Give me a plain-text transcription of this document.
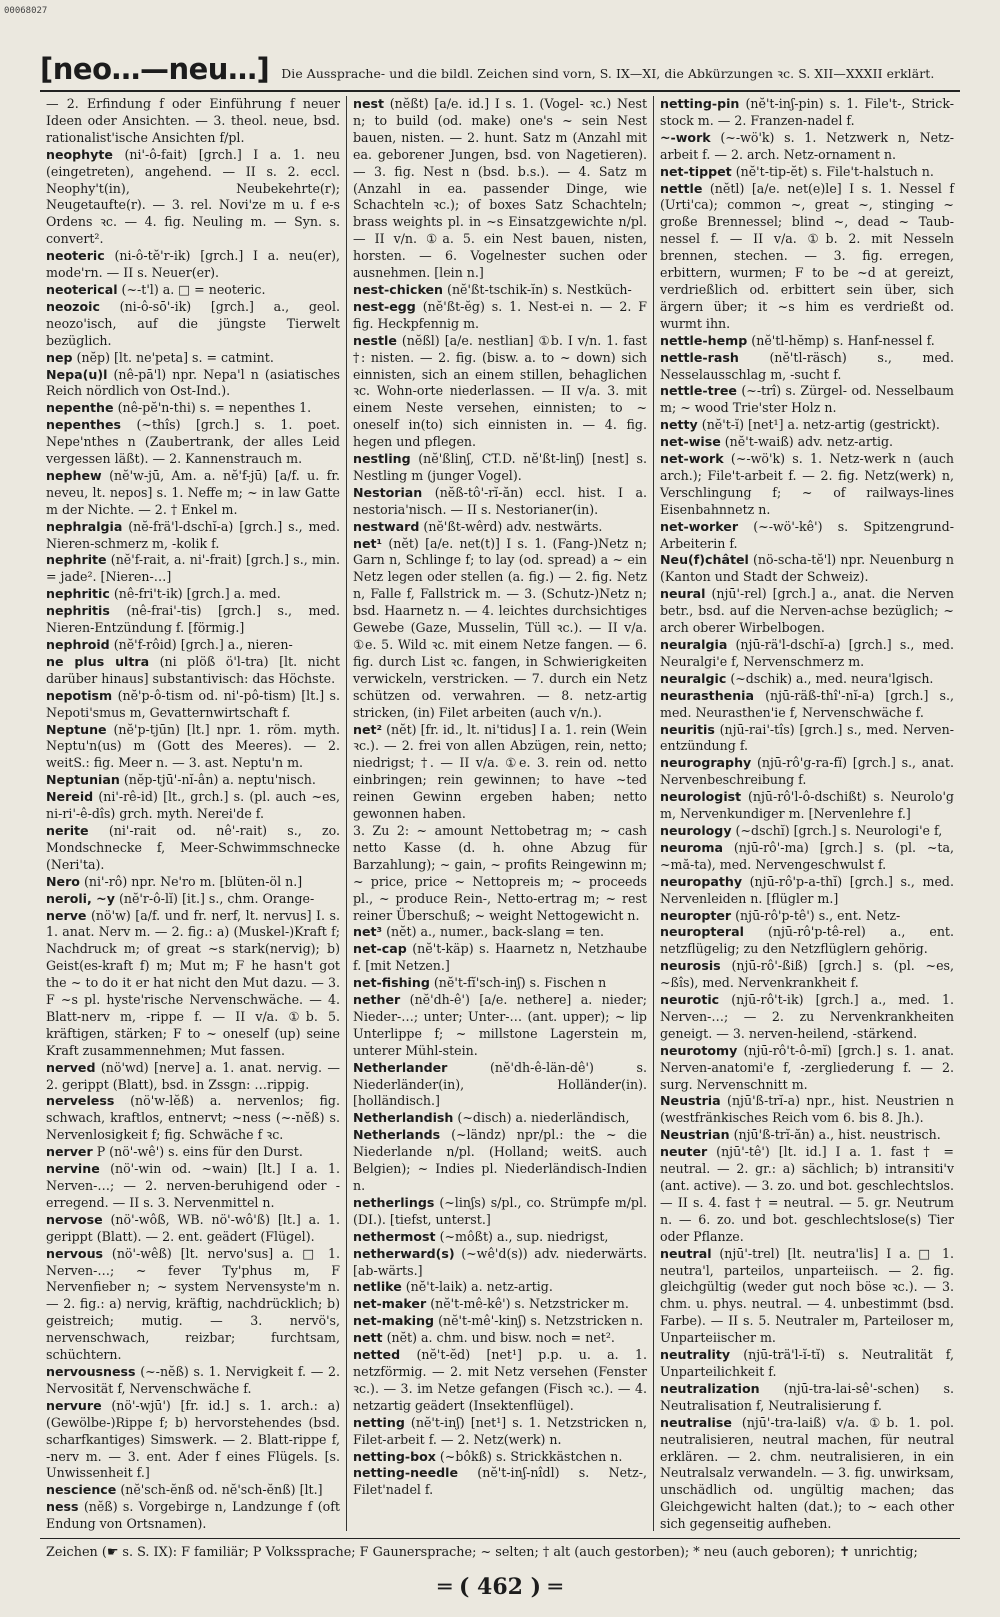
00068027
[neo…—neu…] Die Aussprache- und die bildl. Zeichen sind vorn, S. IX—XI, die Abkürzungen ꝛc. S. XII—XXXII erklärt.

— 2. Erfindung f oder Einführung f neuer Ideen oder Ansichten. — 3. theol. neue, bsd. rationalist'ische Ansichten f/pl.

neophyte (ni'-ô-fait) [grch.] I a. 1. neu (eingetreten), angehend. — II s. 2. eccl. Neophy't(in), Neubekehrte(r); Neugetaufte(r). — 3. rel. Novi'ze m u. f e-s Ordens ꝛc. — 4. fig. Neuling m. — Syn. s. convert².

neoteric (ni-ô-tĕ'r-ik) [grch.] I a. neu(er), mode'rn. — II s. Neuer(er).

neoterical (~-t'l) a. □ = neoteric.

neozoic (ni-ô-sō'-ik) [grch.] a., geol. neozo'isch, auf die jüngste Tierwelt bezüglich.

nep (nĕp) [lt. ne'peta] s. = catmint.

Nepa(u)l (nê-pā'l) npr. Nepa'l n (asiatisches Reich nördlich von Ost-Ind.).

nepenthe (nê-pĕ'n-thi) s. = nepenthes 1.

nepenthes (~thîs) [grch.] s. 1. poet. Nepe'nthes n (Zaubertrank, der alles Leid vergessen läßt). — 2. Kannenstrauch m.

nephew (nĕ'w-jū, Am. a. nĕ'f-jū) [a/f. u. fr. neveu, lt. nepos] s. 1. Neffe m; ~ in law Gatte m der Nichte. — 2. † Enkel m.

nephralgia (nĕ-frä'l-dschĭ-a) [grch.] s., med. Nieren-schmerz m, -kolik f.

nephrite (nĕ'f-rait, a. ni'-frait) [grch.] s., min. = jade². [Nieren-…]

nephritic (nê-fri't-ik) [grch.] a. med.

nephritis (nê-frai'-tis) [grch.] s., med. Nieren-Entzündung f. [förmig.]

nephroid (nĕ'f-rôid) [grch.] a., nieren-

ne plus ultra (ni plöß ö'l-tra) [lt. nicht darüber hinaus] substantivisch: das Höchste.

nepotism (nĕ'p-ô-tism od. ni'-pô-tism) [lt.] s. Nepoti'smus m, Gevatternwirtschaft f.

Neptune (nĕ'p-tjūn) [lt.] npr. 1. röm. myth. Neptu'n(us) m (Gott des Meeres). — 2. weitS.: fig. Meer n. — 3. ast. Neptu'n m.

Neptunian (nĕp-tjū'-nĭ-ân) a. neptu'nisch.

Nereid (ni'-rê-id) [lt., grch.] s. (pl. auch ~es, ni-ri'-ê-dîs) grch. myth. Nerei'de f.

nerite (ni'-rait od. nê'-rait) s., zo. Mondschnecke f, Meer-Schwimmschnecke (Neri'ta).

Nero (ni'-rô) npr. Ne'ro m. [blüten-öl n.]

neroli, ~y (nĕ'r-ô-lĭ) [it.] s., chm. Orange-

nerve (nö'w) [a/f. und fr. nerf, lt. nervus] I. s. 1. anat. Nerv m. — 2. fig.: a) (Muskel-)Kraft f; Nachdruck m; of great ~s stark(nervig); b) Geist(es-kraft f) m; Mut m; F he hasn't got the ~ to do it er hat nicht den Mut dazu. — 3. F ~s pl. hyste'rische Nervenschwäche. — 4. Blatt-nerv m, -rippe f. — II v/a. ①b. 5. kräftigen, stärken; F to ~ oneself (up) seine Kraft zusammennehmen; Mut fassen.

nerved (nö'wd) [nerve] a. 1. anat. nervig. — 2. gerippt (Blatt), bsd. in Zssgn: …rippig.

nerveless (nö'w-lĕß) a. nervenlos; fig. schwach, kraftlos, entnervt; ~ness (~-nĕß) s. Nervenlosigkeit f; fig. Schwäche f ꝛc.

nerver P (nö'-wê') s. eins für den Durst.

nervine (nö'-win od. ~wain) [lt.] I a. 1. Nerven-…; — 2. nerven-beruhigend oder -erregend. — II s. 3. Nervenmittel n.

nervose (nö'-wôß, WB. nö'-wô'ß) [lt.] a. 1. gerippt (Blatt). — 2. ent. geädert (Flügel).

nervous (nö'-wêß) [lt. nervo'sus] a. □ 1. Nerven-…; ~ fever Ty'phus m, F Nervenfieber n; ~ system Nervensyste'm n. — 2. fig.: a) nervig, kräftig, nachdrücklich; b) geistreich; mutig. — 3. nervö's, nervenschwach, reizbar; furchtsam, schüchtern.

nervousness (~-nĕß) s. 1. Nervigkeit f. — 2. Nervosität f, Nervenschwäche f.

nervure (nö'-wjū') [fr. id.] s. 1. arch.: a) (Gewölbe-)Rippe f; b) hervorstehendes (bsd. scharfkantiges) Simswerk. — 2. Blatt-rippe f, -nerv m. — 3. ent. Ader f eines Flügels. [s. Unwissenheit f.]

nescience (nĕ'sch-ĕnß od. nĕ'sch-ĕnß) [lt.]

ness (nĕß) s. Vorgebirge n, Landzunge f (oft Endung von Ortsnamen).

nest (nĕßt) [a/e. id.] I s. 1. (Vogel- ꝛc.) Nest n; to build (od. make) one's ~ sein Nest bauen, nisten. — 2. hunt. Satz m (Anzahl mit ea. geborener Jungen, bsd. von Nagetieren). — 3. fig. Nest n (bsd. b.s.). — 4. Satz m (Anzahl in ea. passender Dinge, wie Schachteln ꝛc.); of boxes Satz Schachteln; brass weights pl. in ~s Einsatzgewichte n/pl. — II v/n. ①a. 5. ein Nest bauen, nisten, horsten. — 6. Vogelnester suchen oder ausnehmen. [lein n.]

nest-chicken (nĕ'ßt-tschik-ĭn) s. Nestküch-

nest-egg (nĕ'ßt-ĕg) s. 1. Nest-ei n. — 2. F fig. Heckpfennig m.

nestle (nĕßl) [a/e. nestlian] ①b. I v/n. 1. fast †: nisten. — 2. fig. (bisw. a. to ~ down) sich einnisten, sich an einem stillen, behaglichen ꝛc. Wohn-orte niederlassen. — II v/a. 3. mit einem Neste versehen, einnisten; to ~ oneself in(to) sich einnisten in. — 4. fig. hegen und pflegen.

nestling (nĕ'ßlinʃ, CT.D. nĕ'ßt-linʃ) [nest] s. Nestling m (junger Vogel).

Nestorian (nĕß-tô'-rĭ-ăn) eccl. hist. I a. nestoria'nisch. — II s. Nestorianer(in).

nestward (nĕ'ßt-wêrd) adv. nestwärts.

net¹ (nĕt) [a/e. net(t)] I s. 1. (Fang-)Netz n; Garn n, Schlinge f; to lay (od. spread) a ~ ein Netz legen oder stellen (a. fig.) — 2. fig. Netz n, Falle f, Fallstrick m. — 3. (Schutz-)Netz n; bsd. Haarnetz n. — 4. leichtes durchsichtiges Gewebe (Gaze, Musselin, Tüll ꝛc.). — II v/a. ①e. 5. Wild ꝛc. mit einem Netze fangen. — 6. fig. durch List ꝛc. fangen, in Schwierigkeiten verwickeln, verstricken. — 7. durch ein Netz schützen od. verwahren. — 8. netz-artig stricken, (in) Filet arbeiten (auch v/n.).

net² (nĕt) [fr. id., lt. ni'tidus] I a. 1. rein (Wein ꝛc.). — 2. frei von allen Abzügen, rein, netto; niedrigst; †. — II v/a. ①e. 3. rein od. netto einbringen; rein gewinnen; to have ~ted reinen Gewinn ergeben haben; netto gewonnen haben.

3. Zu 2: ~ amount Nettobetrag m; ~ cash netto Kasse (d. h. ohne Abzug für Barzahlung); ~ gain, ~ profits Reingewinn m; ~ price, price ~ Nettopreis m; ~ proceeds pl., ~ produce Rein-, Netto-ertrag m; ~ rest reiner Überschuß; ~ weight Nettogewicht n.

net³ (nĕt) a., numer., back-slang = ten.

net-cap (nĕ't-käp) s. Haarnetz n, Netzhaube f. [mit Netzen.]

net-fishing (nĕ't-fĭ'sch-inʃ) s. Fischen n

nether (nĕ'dh-ê') [a/e. nethere] a. nieder; Nieder-…; unter; Unter-… (ant. upper); ~ lip Unterlippe f; ~ millstone Lagerstein m, unterer Mühl-stein.

Netherlander	(nĕ'dh-ê-län-dê') s. Niederländer(in), Holländer(in). [holländisch.]

Netherlandish (~disch) a. niederländisch,

Netherlands (~ländz) npr/pl.: the ~ die Niederlande n/pl. (Holland; weitS. auch Belgien); ~ Indies pl. Niederländisch-Indien n.

netherlings (~linʃs) s/pl., co. Strümpfe m/pl. (DI.). [tiefst, unterst.]

nethermost (~môßt) a., sup. niedrigst,

netherward(s) (~wê'd(s)) adv. niederwärts. [ab-wärts.]

netlike (nĕ't-laik) a. netz-artig.

net-maker (nĕ't-mê-kê') s. Netzstricker m.

net-making (nĕ't-mê'-kinʃ) s. Netzstricken n.

nett (nĕt) a. chm. und bisw. noch = net².

netted (nĕ't-ĕd) [net¹] p.p. u. a. 1. netzförmig. — 2. mit Netz versehen (Fenster ꝛc.). — 3. im Netze gefangen (Fisch ꝛc.). — 4. netzartig geädert (Insektenflügel).

netting (nĕ't-inʃ) [net¹] s. 1. Netzstricken n, Filet-arbeit f. — 2. Netz(werk) n.

netting-box (~bôkß) s. Strickkästchen n.

netting-needle (nĕ't-inʃ-nîdl) s. Netz-, Filet'nadel f.

netting-pin (nĕ't-inʃ-pin) s. 1. File't-, Strick-stock m. — 2. Franzen-nadel f.

~-work (~-wö'k) s. 1. Netzwerk n, Netz-arbeit f. — 2. arch. Netz-ornament n.

net-tippet (nĕ't-tip-ĕt) s. File't-halstuch n.

nettle (nĕtl) [a/e. net(e)le] I s. 1. Nessel f (Urti'ca); common ~, great ~, stinging ~ große Brennessel; blind ~, dead ~ Taub-nessel f. — II v/a. ①b. 2. mit Nesseln brennen, stechen. — 3. fig. erregen, erbittern, wurmen; F to be ~d at gereizt, verdrießlich od. erbittert sein über, sich ärgern über; it ~s him es verdrießt od. wurmt ihn.

nettle-hemp (nĕ'tl-hĕmp) s. Hanf-nessel f.

nettle-rash (nĕ'tl-räsch) s., med. Nesselausschlag m, -sucht f.

nettle-tree (~-trî) s. Zürgel- od. Nesselbaum m; ~ wood Trie'ster Holz n.

netty (nĕ't-ĭ) [net¹] a. netz-artig (gestrickt).

net-wise (nĕ't-waiß) adv. netz-artig.

net-work (~-wö'k) s. 1. Netz-werk n (auch arch.); File't-arbeit f. — 2. fig. Netz(werk) n, Verschlingung f; ~ of railways-lines Eisenbahnnetz n.

net-worker (~-wö'-kê') s. Spitzengrund-Arbeiterin f.

Neu(f)châtel (nö-scha-tĕ'l) npr. Neuenburg n (Kanton und Stadt der Schweiz).

neural (njū'-rel) [grch.] a., anat. die Nerven betr., bsd. auf die Nerven-achse bezüglich; ~ arch oberer Wirbelbogen.

neuralgia (njū-rä'l-dschĭ-a) [grch.] s., med. Neuralgi'e f, Nervenschmerz m.

neuralgic (~dschik) a., med. neura'lgisch.

neurasthenia (njū-räß-thî'-nĭ-a) [grch.] s., med. Neurasthen'ie f, Nervenschwäche f.

neuritis (njū-rai'-tîs) [grch.] s., med. Nerven-entzündung f.

neurography (njū-rô'g-ra-fĭ) [grch.] s., anat. Nervenbeschreibung f.

neurologist (njū-rô'l-ô-dschißt) s. Neurolo'g m, Nervenkundiger m. [Nervenlehre f.]

neurology (~dschĭ) [grch.] s. Neurologi'e f,

neuroma (njū-rô'-ma) [grch.] s. (pl. ~ta, ~mă-ta), med. Nervengeschwulst f.

neuropathy (njū-rô'p-a-thĭ) [grch.] s., med. Nervenleiden n. [flügler m.]

neuropter (njū-rô'p-tê') s., ent. Netz-

neuropteral (njū-rô'p-tê-rel) a., ent. netzflügelig; zu den Netzflüglern gehörig.

neurosis (njū-rô'-ßiß) [grch.] s. (pl. ~es, ~ßîs), med. Nervenkrankheit f.

neurotic (njū-rô't-ik) [grch.] a., med. 1. Nerven-…; — 2. zu Nervenkrankheiten geneigt. — 3. nerven-heilend, -stärkend.

neurotomy (njū-rô't-ô-mĭ) [grch.] s. 1. anat. Nerven-anatomi'e f, -zergliederung f. — 2. surg. Nervenschnitt m.

Neustria (njū'ß-trĭ-a) npr., hist. Neustrien n (westfränkisches Reich vom 6. bis 8. Jh.).

Neustrian (njū'ß-trĭ-ăn) a., hist. neustrisch.

neuter (njū'-tê') [lt. id.] I a. 1. fast † = neutral. — 2. gr.: a) sächlich; b) intransiti'v (ant. active). — 3. zo. und bot. geschlechtslos. — II s. 4. fast † = neutral. — 5. gr. Neutrum n. — 6. zo. und bot. geschlechtslose(s) Tier oder Pflanze.

neutral (njū'-trel) [lt. neutra'lis] I a. □ 1. neutra'l, parteilos, unparteiisch. — 2. fig. gleichgültig (weder gut noch böse ꝛc.). — 3. chm. u. phys. neutral. — 4. unbestimmt (bsd. Farbe). — II s. 5. Neutraler m, Parteiloser m, Unparteiischer m.

neutrality (njū-trä'l-ĭ-tĭ) s. Neutralität f, Unparteilichkeit f.

neutralization (njū-tra-lai-sê'-schen) s. Neutralisation f, Neutralisierung f.

neutralise (njū'-tra-laiß) v/a. ①b. 1. pol. neutralisieren, neutral machen, für neutral erklären. — 2. chm. neutralisieren, in ein Neutralsalz verwandeln. — 3. fig. unwirksam, unschädlich od. ungültig machen; das Gleichgewicht halten (dat.); to ~ each other sich gegenseitig aufheben.

Zeichen (☛ s. S. IX): F familiär; P Volkssprache; F Gaunersprache; ~ selten; † alt (auch gestorben); * neu (auch geboren); ✝ unrichtig;
═ ( 462 ) ═
